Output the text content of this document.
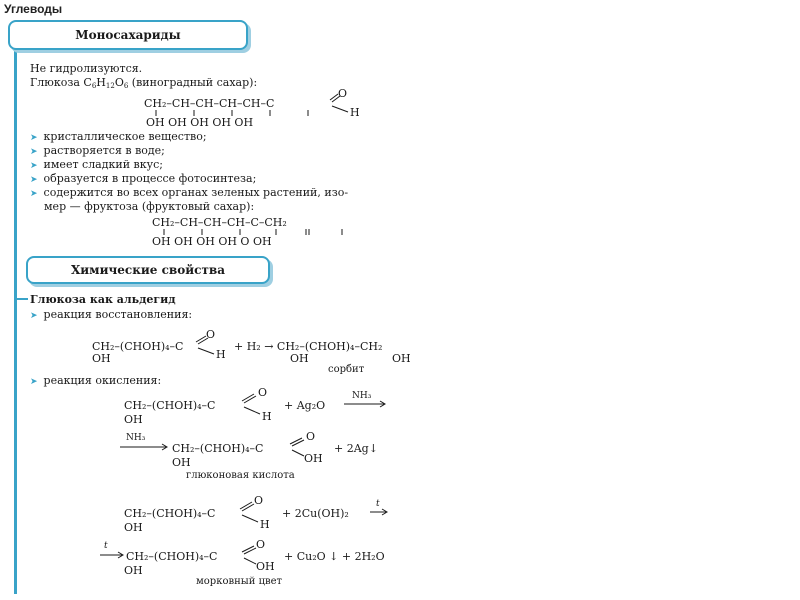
Углеводы
Моносахариды
Не гидролизуются.
Глюкоза $C_6H_{12}O_6$ (виноградный сахар):
CH₂–CH–CH–CH–CH–C
O
H
OH OH OH OH OH
➤ кристаллическое вещество;
➤ растворяется в воде;
➤ имеет сладкий вкус;
➤ образуется в процессе фотосинтеза;
➤ содержится во всех органах зеленых растений, изо-
мер — фруктоза (фруктовый сахар):
CH₂–CH–CH–CH–C–CH₂
OH OH OH OH O OH
Химические свойства
Глюкоза как альдегид
➤ реакция восстановления:
CH₂–(CHOH)₄–C
O
H
+ H₂ → CH₂–(CHOH)₄–CH₂
OH	OH	OH
сорбит
➤ реакция окисления:
CH₂–(CHOH)₄–C
O
H
OH
+ Ag₂O
NH₃
NH₃
CH₂–(CHOH)₄–C
O
OH
OH
+ 2Ag↓
глюконовая кислота
CH₂–(CHOH)₄–C
O
H
OH
+ 2Cu(OH)₂
t
t
CH₂–(CHOH)₄–C
O
OH
OH
+ Cu₂O ↓ + 2H₂O
морковный цвет
